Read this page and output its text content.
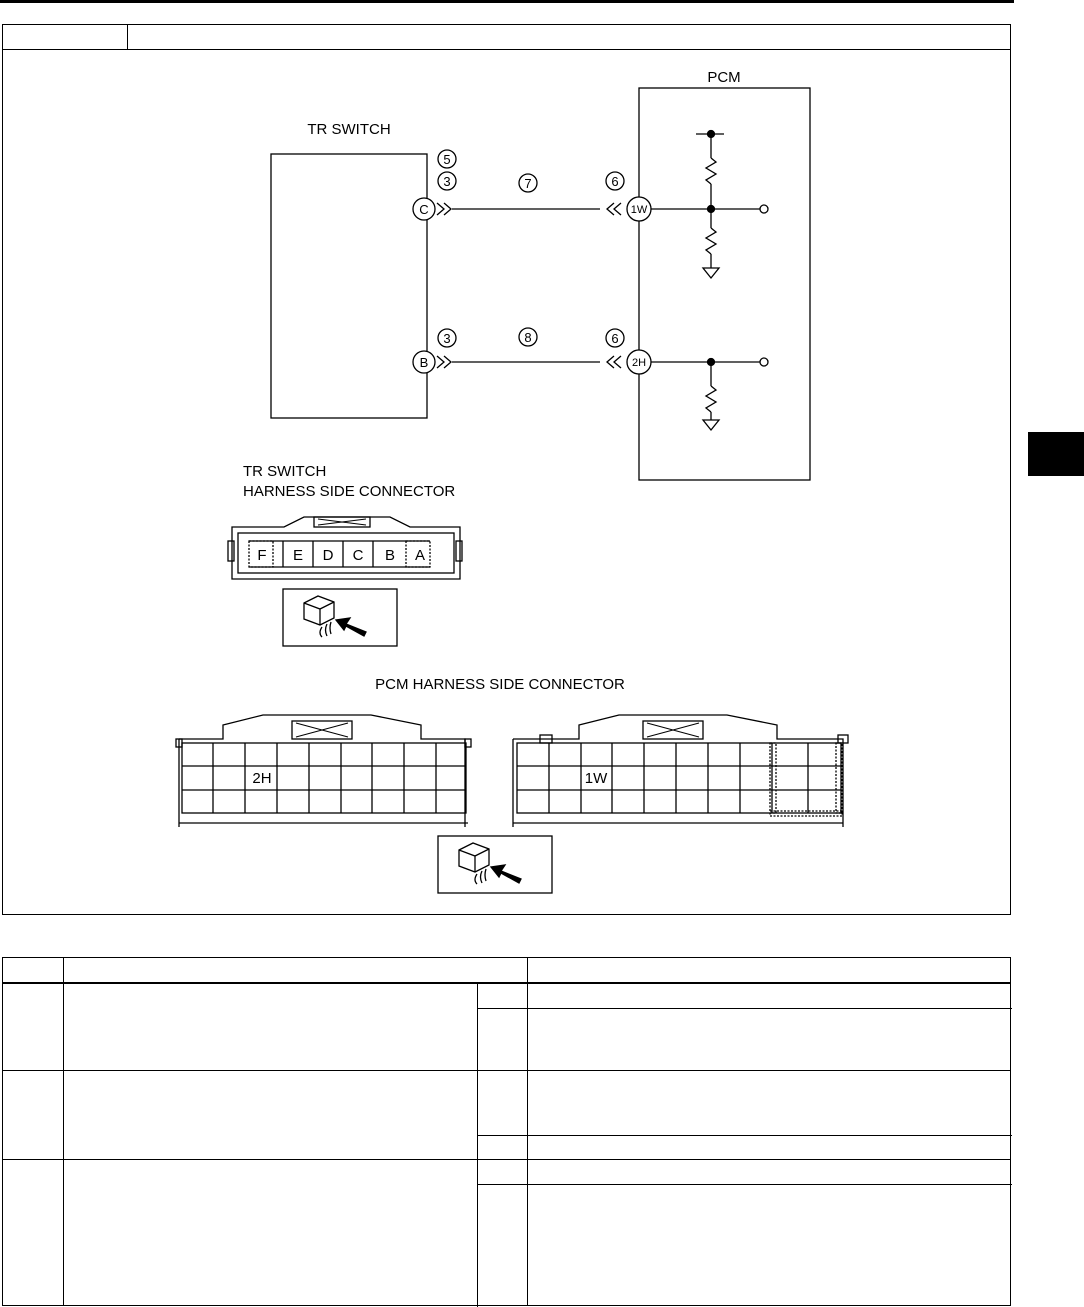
PCM
TR SWITCH
C	1W
B	2H
5
3	7	6
3	8	6
TR SWITCH
HARNESS SIDE CONNECTOR
F E D C B A
PCM HARNESS SIDE CONNECTOR
2H	1W
